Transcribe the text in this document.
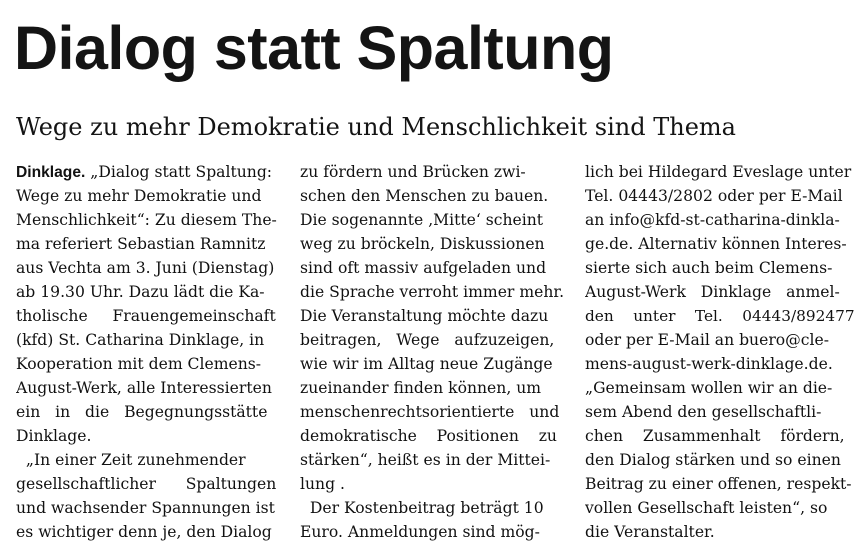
Dialog statt Spaltung
Wege zu mehr Demokratie und Menschlichkeit sind Thema
Dinklage. „Dialog statt Spaltung:
Wege zu mehr Demokratie und
Menschlichkeit“: Zu diesem The-
ma referiert Sebastian Ramnitz
aus Vechta am 3. Juni (Dienstag)
ab 19.30 Uhr. Dazu lädt die Ka-
tholische     Frauengemeinschaft
(kfd) St. Catharina Dinklage, in
Kooperation mit dem Clemens-
August-Werk, alle Interessierten
ein   in   die   Begegnungsstätte
Dinklage.
„In einer Zeit zunehmender
gesellschaftlicher      Spaltungen
und wachsender Spannungen ist
es wichtiger denn je, den Dialog
zu fördern und Brücken zwi-
schen den Menschen zu bauen.
Die sogenannte ‚Mitte‘ scheint
weg zu bröckeln, Diskussionen
sind oft massiv aufgeladen und
die Sprache verroht immer mehr.
Die Veranstaltung möchte dazu
beitragen,   Wege   aufzuzeigen,
wie wir im Alltag neue Zugänge
zueinander finden können, um
menschenrechtsorientierte   und
demokratische    Positionen    zu
stärken“, heißt es in der Mittei-
lung .
Der Kostenbeitrag beträgt 10
Euro. Anmeldungen sind mög-
lich bei Hildegard Eveslage unter
Tel. 04443/2802 oder per E-Mail
an info@kfd-st-catharina-dinkla-
ge.de. Alternativ können Interes-
sierte sich auch beim Clemens-
August-Werk   Dinklage   anmel-
den    unter    Tel.    04443/892477
oder per E-Mail an buero@cle-
mens-august-werk-dinklage.de.
„Gemeinsam wollen wir an die-
sem Abend den gesellschaftli-
chen    Zusammenhalt    fördern,
den Dialog stärken und so einen
Beitrag zu einer offenen, respekt-
vollen Gesellschaft leisten“, so
die Veranstalter.
